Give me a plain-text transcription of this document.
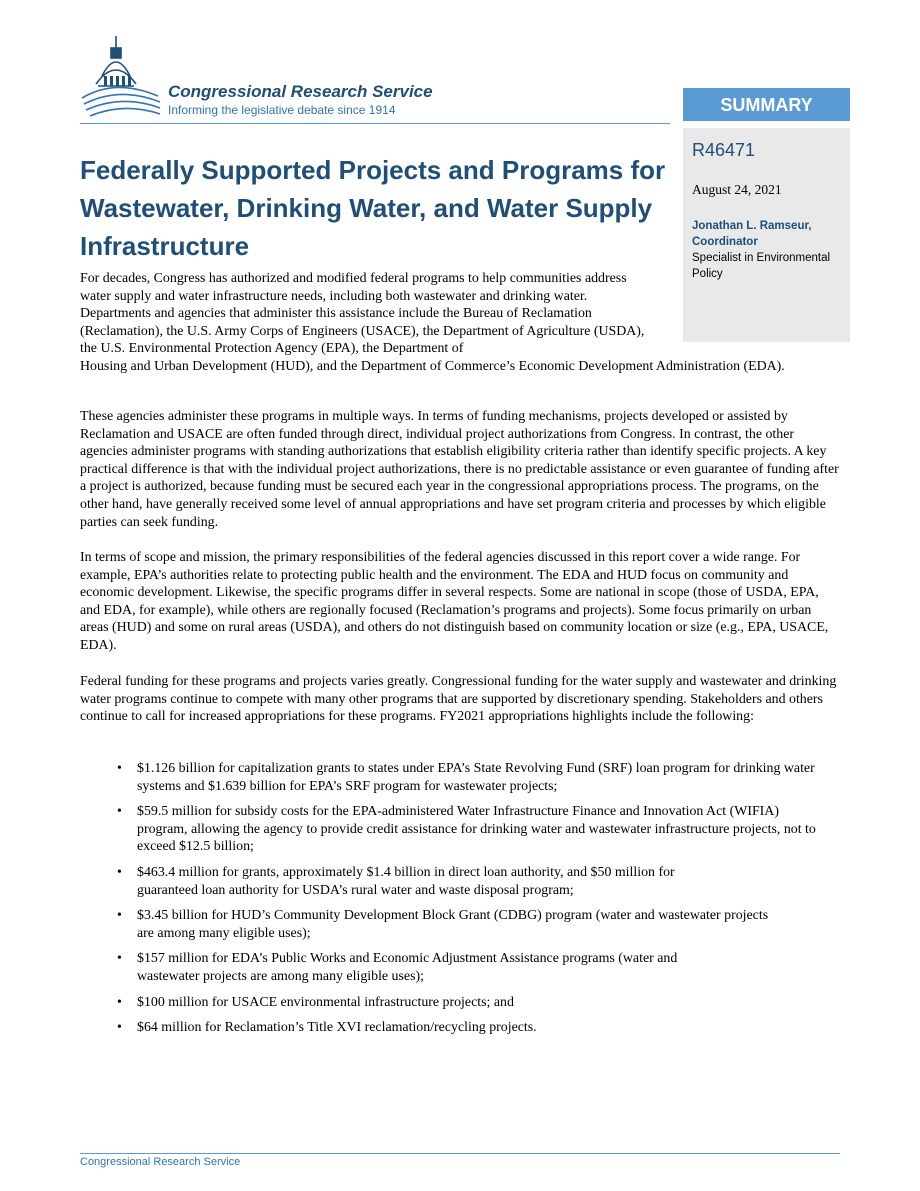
Congressional Research Service
Informing the legislative debate since 1914	SUMMARY
R46471
August 24, 2021
Jonathan L. Ramseur,
Coordinator
Specialist in Environmental Policy
Federally Supported Projects and Programs for Wastewater, Drinking Water, and Water Supply Infrastructure

For decades, Congress has authorized and modified federal programs to help communities address water supply and water infrastructure needs, including both wastewater and drinking water. Departments and agencies that administer this assistance include the Bureau of Reclamation (Reclamation), the U.S. Army Corps of Engineers (USACE), the Department of Agriculture (USDA), the U.S. Environmental Protection Agency (EPA), the Department of

Housing and Urban Development (HUD), and the Department of Commerce’s Economic Development Administration (EDA).

These agencies administer these programs in multiple ways. In terms of funding mechanisms, projects developed or assisted by Reclamation and USACE are often funded through direct, individual project authorizations from Congress. In contrast, the other agencies administer programs with standing authorizations that establish eligibility criteria rather than identify specific projects. A key practical difference is that with the individual project authorizations, there is no predictable assistance or even guarantee of funding after a project is authorized, because funding must be secured each year in the congressional appropriations process. The programs, on the other hand, have generally received some level of annual appropriations and have set program criteria and processes by which eligible parties can seek funding.

In terms of scope and mission, the primary responsibilities of the federal agencies discussed in this report cover a wide range. For example, EPA’s authorities relate to protecting public health and the environment. The EDA and HUD focus on community and economic development. Likewise, the specific programs differ in several respects. Some are national in scope (those of USDA, EPA, and EDA, for example), while others are regionally focused (Reclamation’s programs and projects). Some focus primarily on urban areas (HUD) and some on rural areas (USDA), and others do not distinguish based on community location or size (e.g., EPA, USACE, EDA).

Federal funding for these programs and projects varies greatly. Congressional funding for the water supply and wastewater and drinking water programs continue to compete with many other programs that are supported by discretionary spending. Stakeholders and others continue to call for increased appropriations for these programs. FY2021 appropriations highlights include the following:

• $1.126 billion for capitalization grants to states under EPA’s State Revolving Fund (SRF) loan program for drinking water systems and $1.639 billion for EPA’s SRF program for wastewater projects;
• $59.5 million for subsidy costs for the EPA-administered Water Infrastructure Finance and Innovation Act (WIFIA) program, allowing the agency to provide credit assistance for drinking water and wastewater infrastructure projects, not to exceed $12.5 billion;
• $463.4 million for grants, approximately $1.4 billion in direct loan authority, and $50 million for guaranteed loan authority for USDA’s rural water and waste disposal program;
• $3.45 billion for HUD’s Community Development Block Grant (CDBG) program (water and wastewater projects are among many eligible uses);
• $157 million for EDA’s Public Works and Economic Adjustment Assistance programs (water and wastewater projects are among many eligible uses);
• $100 million for USACE environmental infrastructure projects; and
• $64 million for Reclamation’s Title XVI reclamation/recycling projects.
Congressional Research Service
